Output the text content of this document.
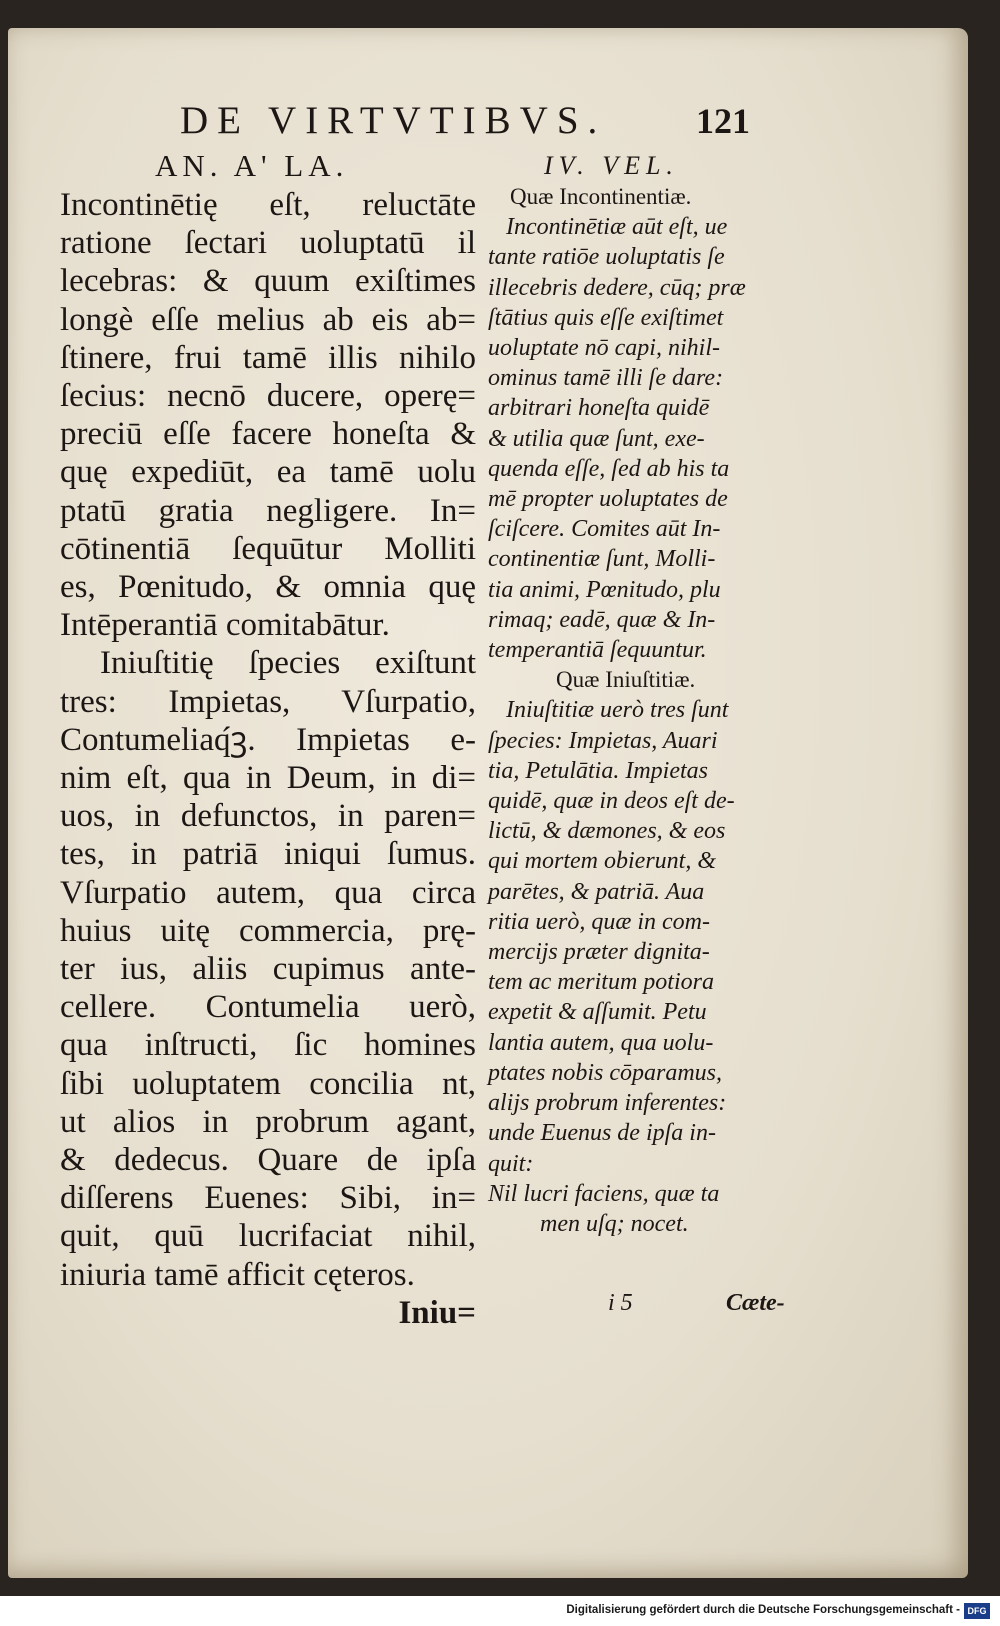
DE VIRTVTIBVS.	121
AN. A' LA.
Incontinētię eſt, reluctāte
ratione ſectari uoluptatū il
lecebras: & quum exiſtimes
longè eſſe melius ab eis ab=
ſtinere, frui tamē illis nihilo
ſecius: necnō ducere, operę=
preciū eſſe facere honeſta &
quę expediūt, ea tamē uolu
ptatū gratia negligere. In=
cōtinentiā ſequūtur Molliti
es, Pœnitudo, & omnia quę
Intēperantiā comitabātur.
Iniuſtitię ſpecies exiſtunt
tres: Impietas, Vſurpatio,
Contumeliaq́ꝫ. Impietas e-
nim eſt, qua in Deum, in di=
uos, in defunctos, in paren=
tes, in patriā iniqui ſumus.
Vſurpatio autem, qua circa
huius uitę commercia, prę-
ter ius, aliis cupimus ante-
cellere. Contumelia uerò,
qua inſtructi, ſic homines
ſibi uoluptatem concilia nt,
ut alios in probrum agant,
& dedecus. Quare de ipſa
diſſerens Euenes: Sibi, in=
quit, quū lucrifaciat nihil,
iniuria tamē afficit cęteros.
Iniu=
IV. VEL.
Quæ Incontinentiæ.
Incontinētiæ aūt eſt, ue
tante ratiōe uoluptatis ſe
illecebris dedere, cūq; præ
ſtātius quis eſſe exiſtimet
uoluptate nō capi, nihil-
ominus tamē illi ſe dare:
arbitrari honeſta quidē
& utilia quæ ſunt, exe-
quenda eſſe, ſed ab his ta
mē propter uoluptates de
ſciſcere. Comites aūt In-
continentiæ ſunt, Molli-
tia animi, Pœnitudo, plu
rimaq; eadē, quæ & In-
temperantiā ſequuntur.
Quæ Iniuſtitiæ.
Iniuſtitiæ uerò tres ſunt
ſpecies: Impietas, Auari
tia, Petulātia. Impietas
quidē, quæ in deos eſt de-
lictū, & dæmones, & eos
qui mortem obierunt, &
parētes, & patriā. Aua
ritia uerò, quæ in com-
mercijs præter dignita-
tem ac meritum potiora
expetit & aſſumit. Petu
lantia autem, qua uolu-
ptates nobis cōparamus,
alijs probrum inferentes:
unde Euenus de ipſa in-
quit:
Nil lucri faciens, quæ ta
men uſq; nocet.
i 5	Cæte-
Digitalisierung gefördert durch die Deutsche Forschungsgemeinschaft - DFG
